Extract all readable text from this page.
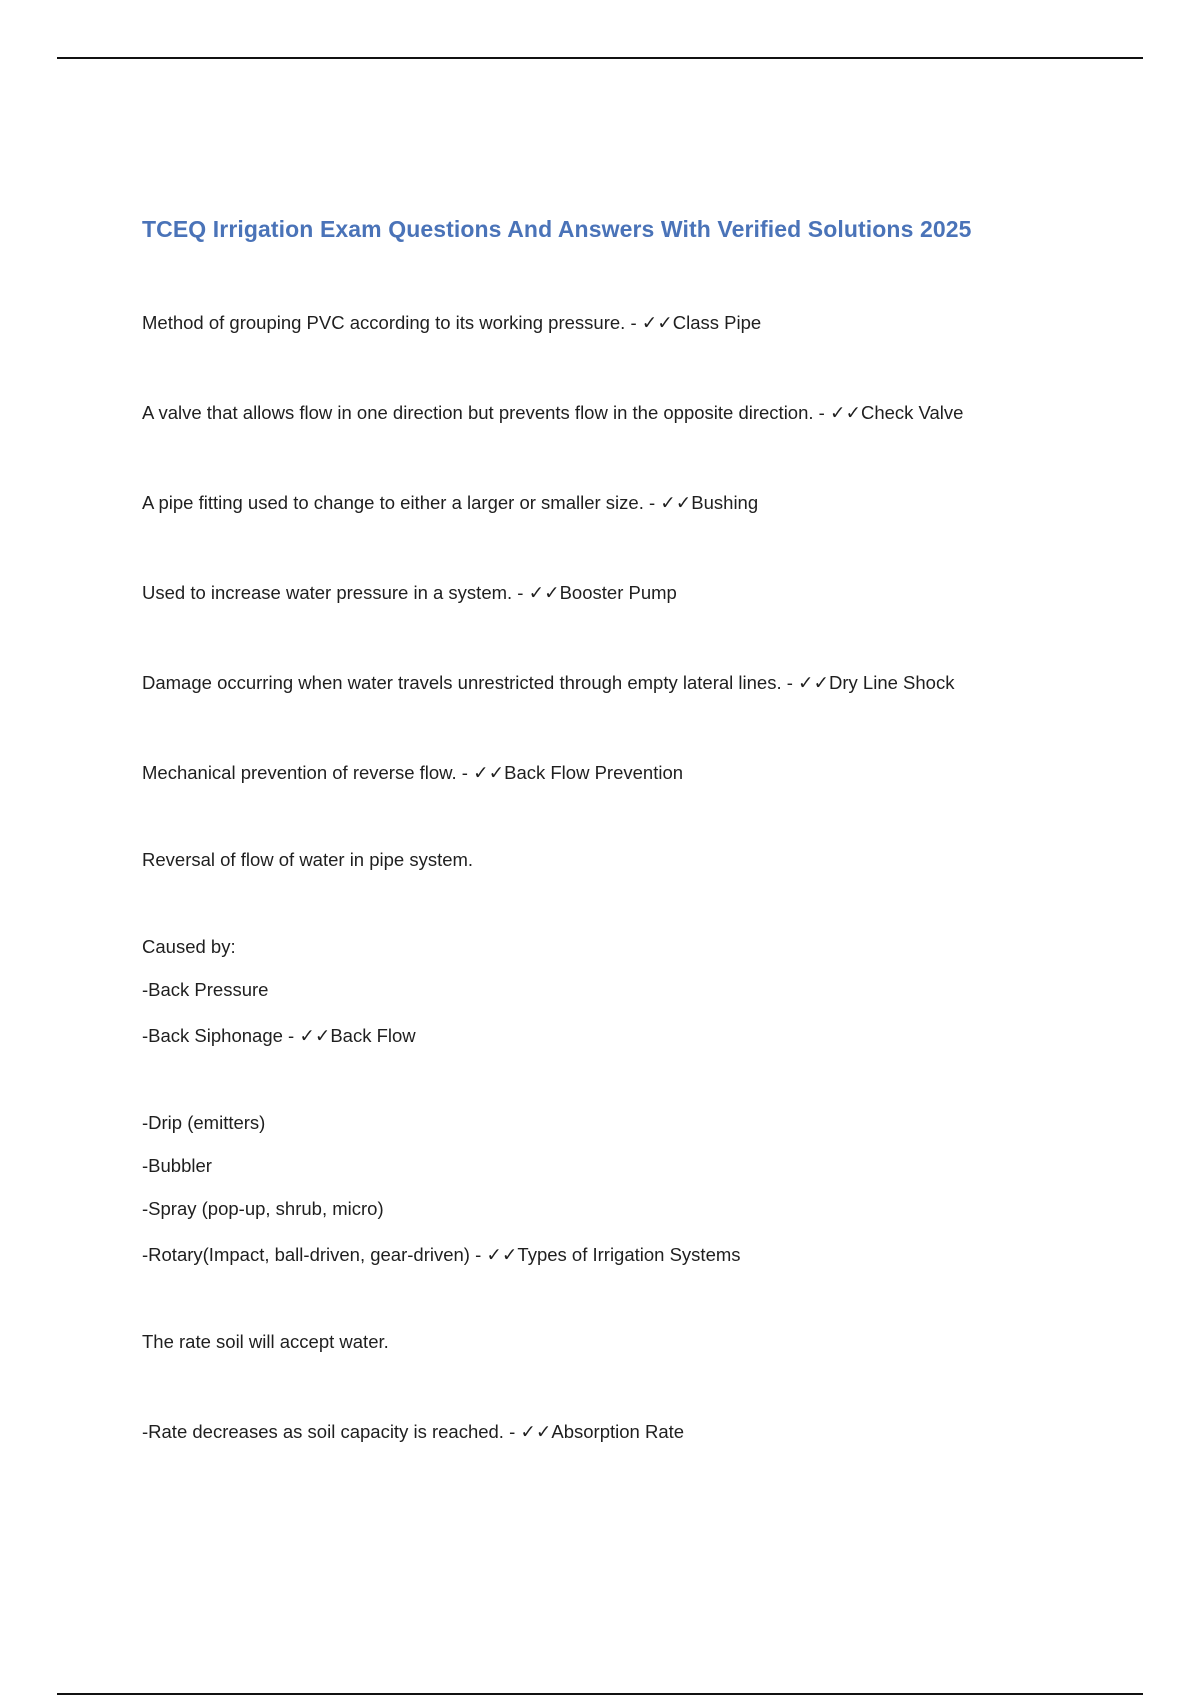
TCEQ Irrigation Exam Questions And Answers With Verified Solutions 2025

Method of grouping PVC according to its working pressure. - ✓✓Class Pipe

A valve that allows flow in one direction but prevents flow in the opposite direction. - ✓✓Check Valve

A pipe fitting used to change to either a larger or smaller size. - ✓✓Bushing

Used to increase water pressure in a system. - ✓✓Booster Pump

Damage occurring when water travels unrestricted through empty lateral lines. - ✓✓Dry Line Shock

Mechanical prevention of reverse flow. - ✓✓Back Flow Prevention

Reversal of flow of water in pipe system.

Caused by:

-Back Pressure

-Back Siphonage - ✓✓Back Flow

-Drip (emitters)

-Bubbler

-Spray (pop-up, shrub, micro)

-Rotary(Impact, ball-driven, gear-driven) - ✓✓Types of Irrigation Systems

The rate soil will accept water.

-Rate decreases as soil capacity is reached. - ✓✓Absorption Rate
